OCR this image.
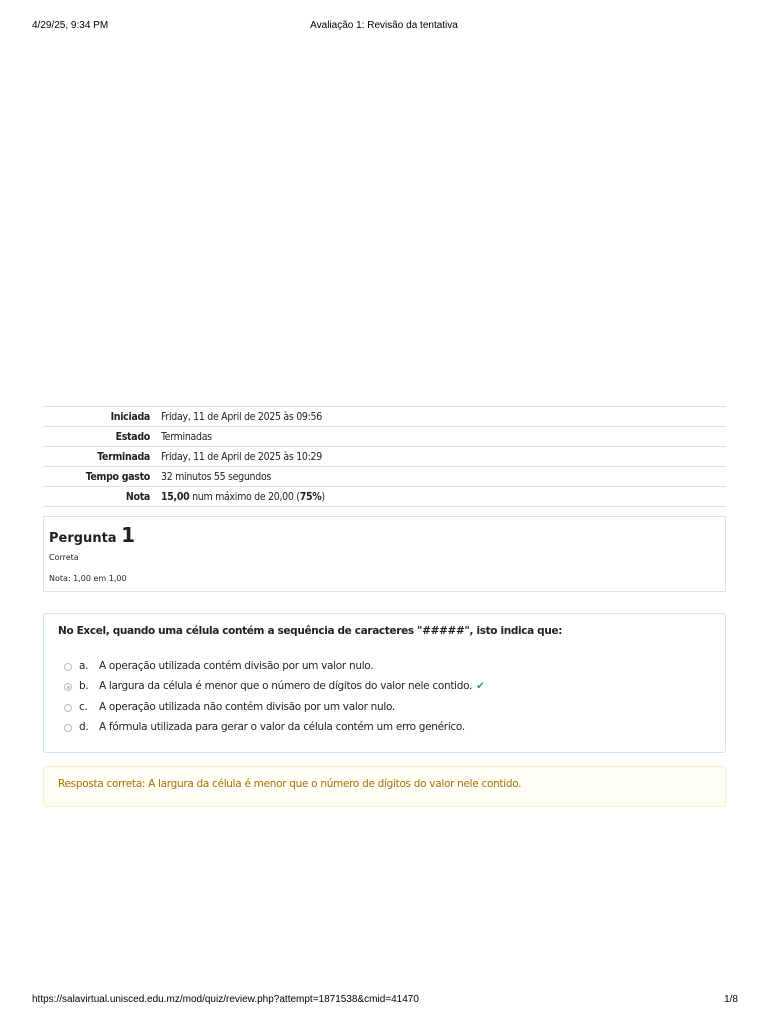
4/29/25, 9:34 PM	Avaliação 1: Revisão da tentativa
Iniciada	Friday, 11 de April de 2025 às 09:56
Estado	Terminadas
Terminada	Friday, 11 de April de 2025 às 10:29
Tempo gasto	32 minutos 55 segundos
Nota	15,00 num máximo de 20,00 (75%)
Pergunta 1
Correta
Nota: 1,00 em 1,00
No Excel, quando uma célula contém a sequência de caracteres "#####", isto indica que:
a. A operação utilizada contém divisão por um valor nulo.
b. A largura da célula é menor que o número de dígitos do valor nele contido. ✔
c. A operação utilizada não contém divisão por um valor nulo.
d. A fórmula utilizada para gerar o valor da célula contém um erro genérico.
Resposta correta: A largura da célula é menor que o número de dígitos do valor nele contido.
https://salavirtual.unisced.edu.mz/mod/quiz/review.php?attempt=1871538&cmid=41470	1/8
